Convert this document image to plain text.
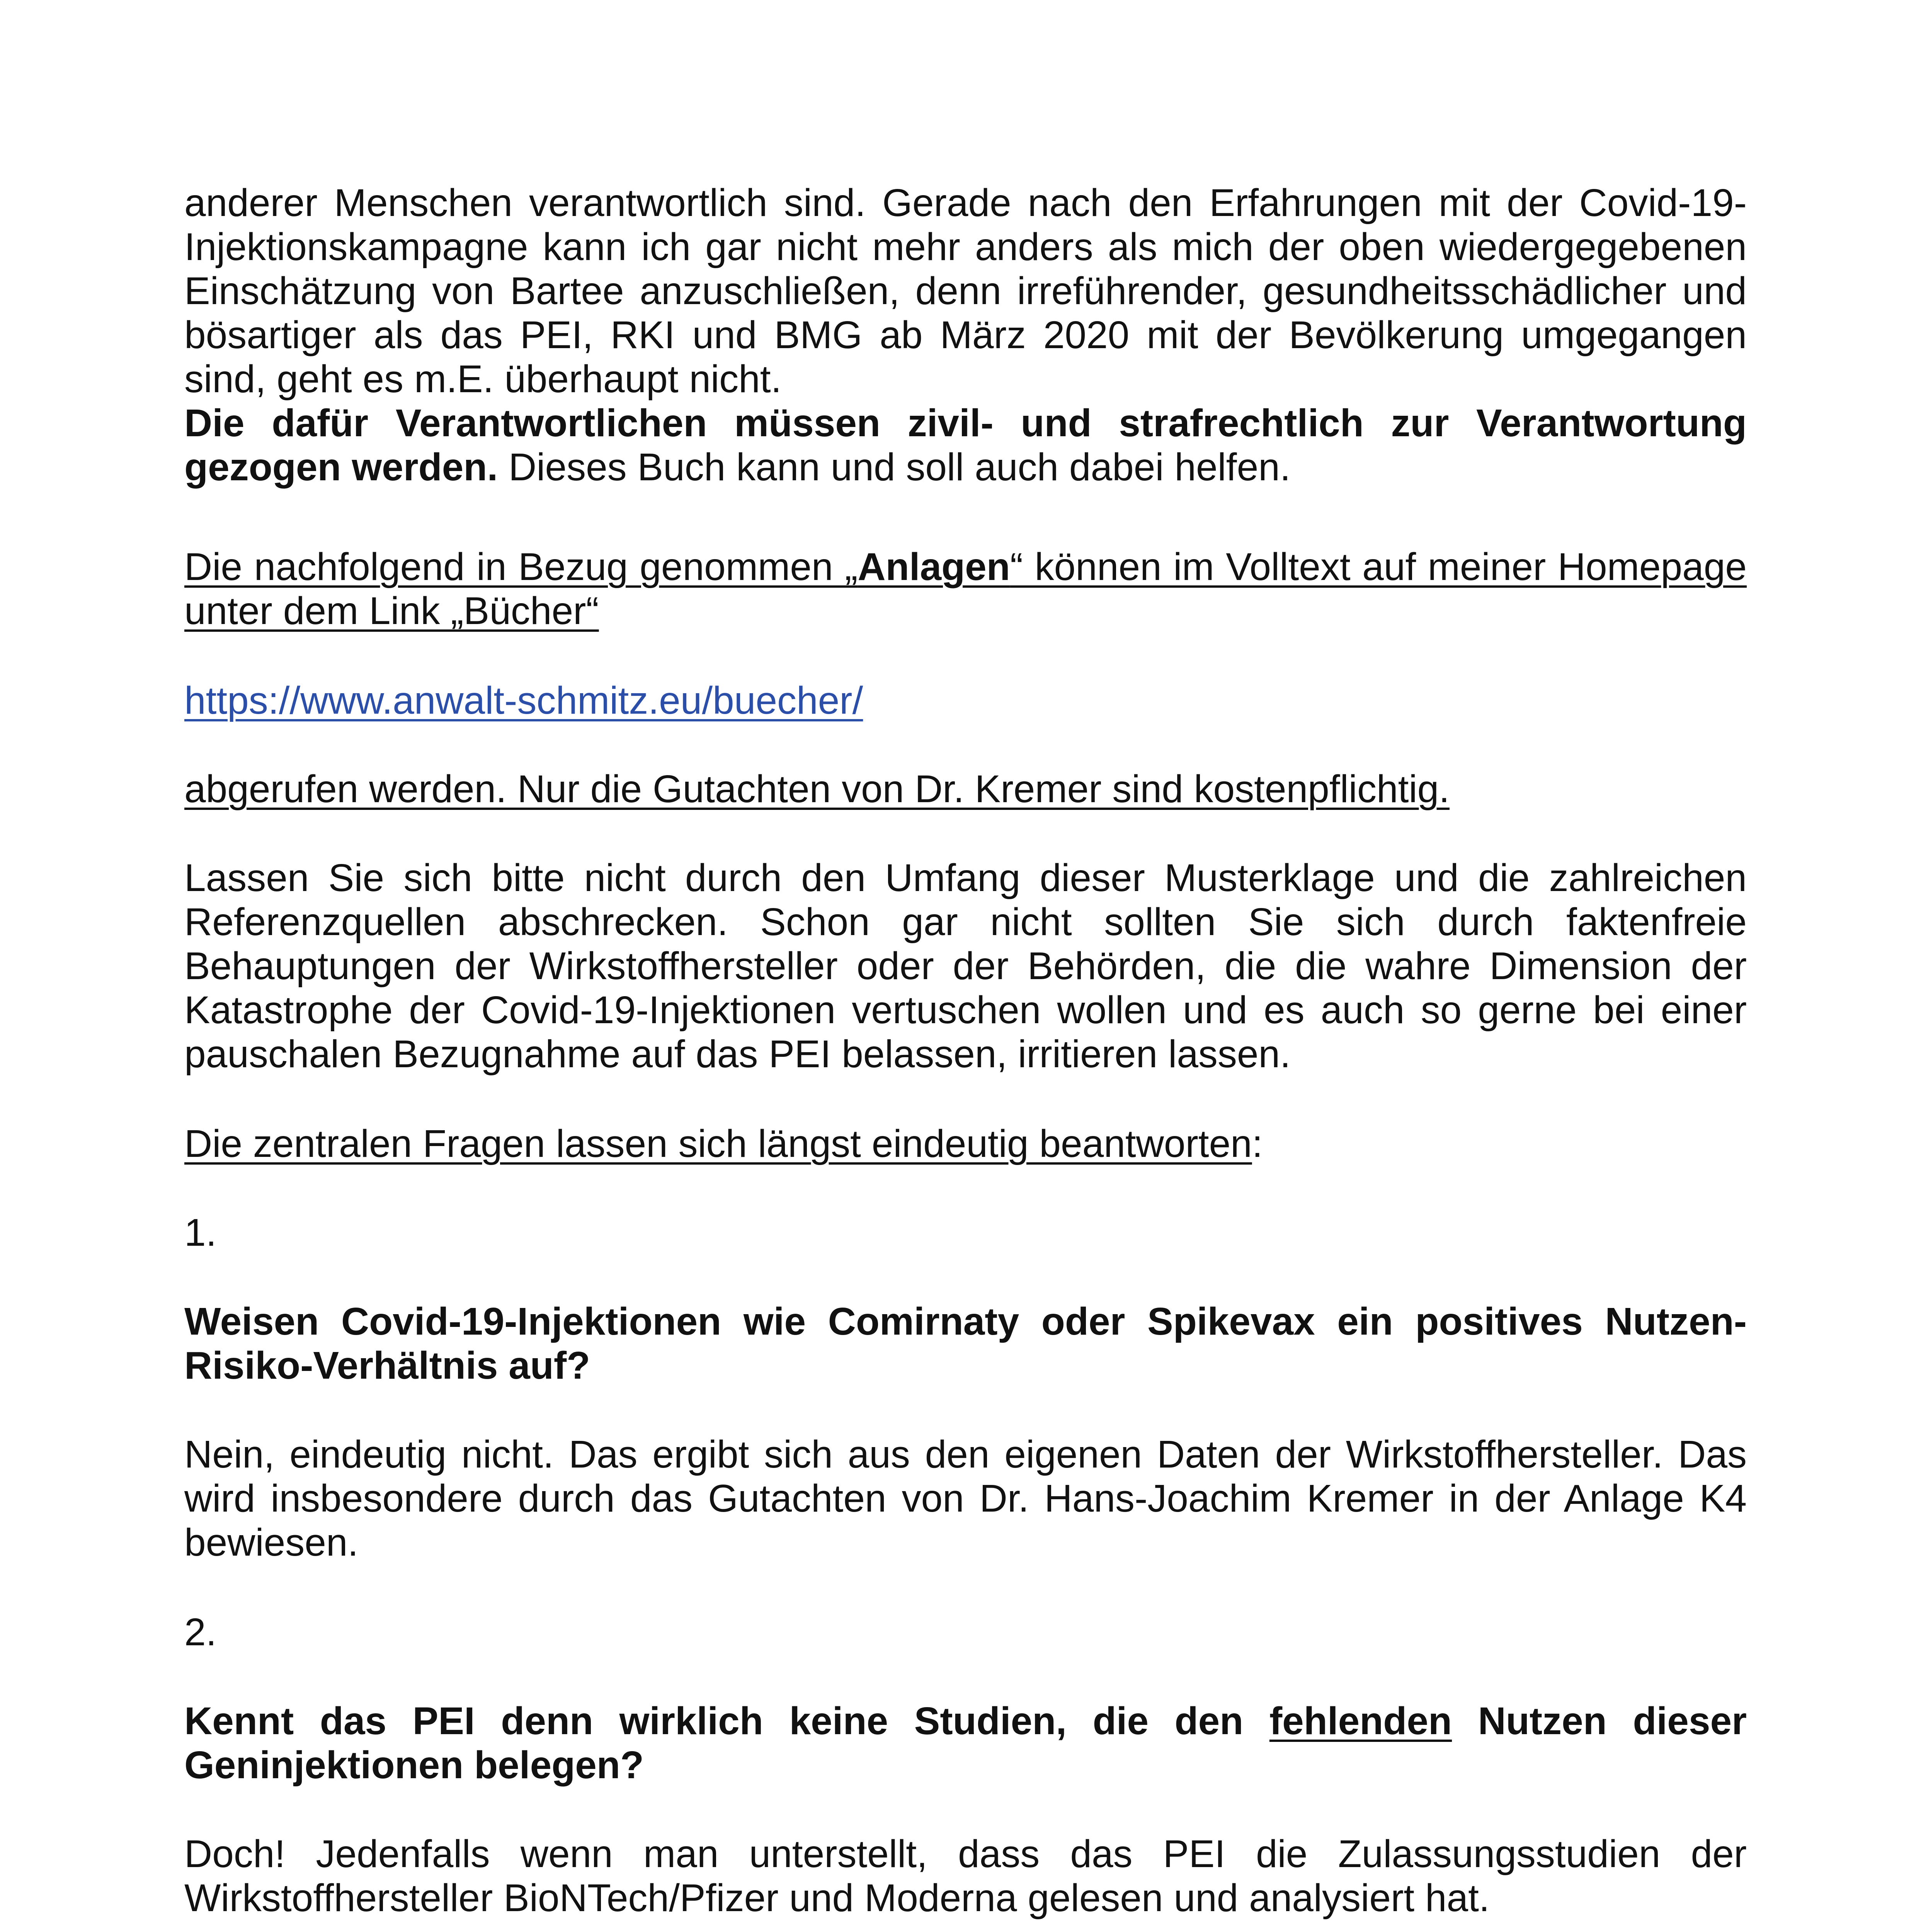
anderer Menschen verantwortlich sind. Gerade nach den Erfahrungen mit der Covid-19-Injektionskampagne kann ich gar nicht mehr anders als mich der oben wiedergegebenen Einschätzung von Bartee anzuschließen, denn irreführender, gesundheitsschädlicher und bösartiger als das PEI, RKI und BMG ab März 2020 mit der Bevölkerung umgegangen sind, geht es m.E. überhaupt nicht.
Die dafür Verantwortlichen müssen zivil- und strafrechtlich zur Verantwortung gezogen werden. Dieses Buch kann und soll auch dabei helfen.
Die nachfolgend in Bezug genommen „Anlagen“ können im Volltext auf meiner Homepage unter dem Link „Bücher“
https://www.anwalt-schmitz.eu/buecher/
abgerufen werden. Nur die Gutachten von Dr. Kremer sind kostenpflichtig.
Lassen Sie sich bitte nicht durch den Umfang dieser Musterklage und die zahlreichen Referenzquellen abschrecken. Schon gar nicht sollten Sie sich durch faktenfreie Behauptungen der Wirkstoffhersteller oder der Behörden, die die wahre Dimension der Katastrophe der Covid-19-Injektionen vertuschen wollen und es auch so gerne bei einer pauschalen Bezugnahme auf das PEI belassen, irritieren lassen.
Die zentralen Fragen lassen sich längst eindeutig beantworten:
1.
Weisen Covid-19-Injektionen wie Comirnaty oder Spikevax ein positives Nutzen-Risiko-Verhältnis auf?
Nein, eindeutig nicht. Das ergibt sich aus den eigenen Daten der Wirkstoffhersteller. Das wird insbesondere durch das Gutachten von Dr. Hans-Joachim Kremer in der Anlage K4 bewiesen.
2.
Kennt das PEI denn wirklich keine Studien, die den fehlenden Nutzen dieser Geninjektionen belegen?
Doch! Jedenfalls wenn man unterstellt, dass das PEI die Zulassungsstudien der Wirkstoffhersteller BioNTech/Pfizer und Moderna gelesen und analysiert hat.
